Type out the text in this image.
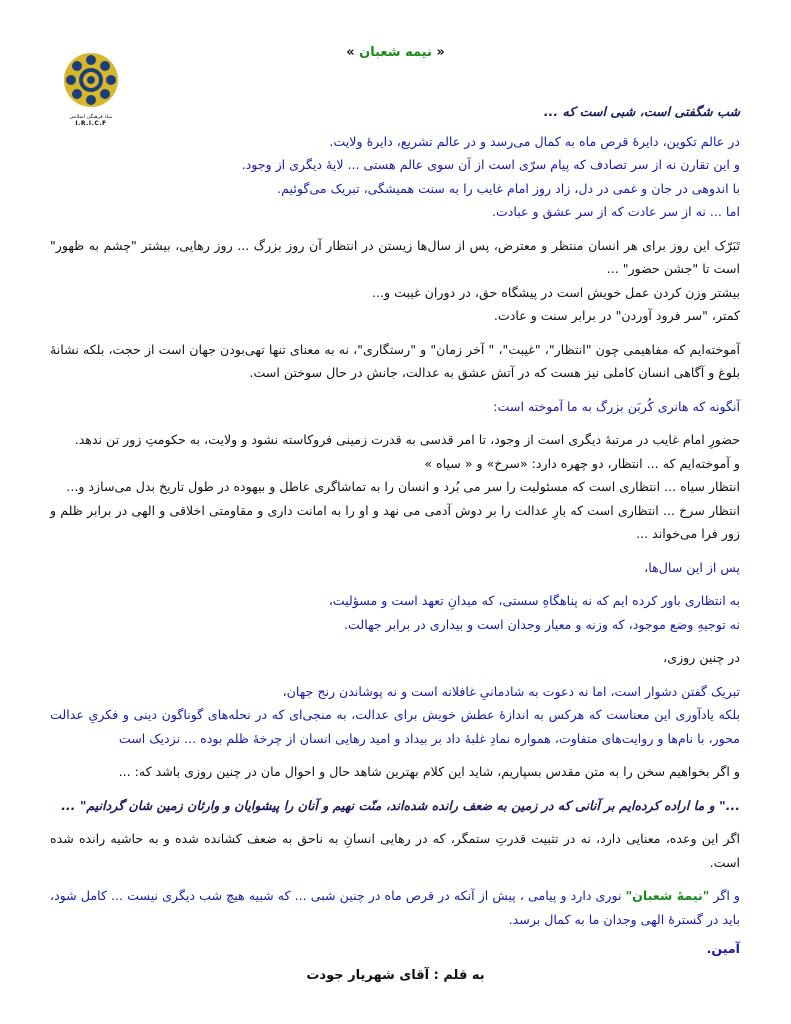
« نیمه شعبان »
بنیاد فرهنگی اسلامی
I.R.I.C.F

شب شگفتی است، شبی است که ...

در عالم تکوین، دایرهٔ قرص ماه به کمال می‌رسد و در عالم تشریع، دایرهٔ ولایت.

و این تقارن نه از سر تصادف که پیام سرّی است از آن سوی عالم هستی ... لایهٔ دیگری از وجود.

با اندوهی در جان و غمی در دل، زاد روز امام غایب را به سنت همیشگی، تبریک می‌گوئیم.

اما ... نه از سر عادت که از سر عشق و عبادت.

تَبَرّک این روز برای هر انسان منتظر و معترض، پس از سال‌ها زیستن در انتظار آن روز بزرگ ... روز رهایی، بیشتر "چشم به ظهور" است تا "جشن حضور" ...

بیشتر وزن کردن عمل خویش است در پیشگاه حق، در دوران غیبت و...

کمتر، "سر فرود آوردن" در برابر سنت و عادت.

آموخته‌ایم که مفاهیمی چون "انتظار"، "غیبت"، " آخر زمان" و "رستگاری"، نه به معنای تنها تهی‌بودن جهان است از حجت، بلکه نشانهٔ بلوغ و آگاهی انسان کاملی نیز هست که در آتش عشق به عدالت، جانش در حال سوختن است.

آنگونه که هانری کُربَن بزرگ به ما آموخته است:

حضورِ امام غایب در مرتبهٔ دیگری است از وجود، تا امر قدسی به قدرت زمینی فروکاسته نشود و ولایت، به حکومتِ زور تن ندهد.

و آموخته‌ایم که ... انتظار، دو چهره دارد: «سرخ» و « سیاه »

انتظار سیاه ... انتظاری است که مسئولیت را سر می بُرد و انسان را به تماشاگری عاطل و بیهوده در طول تاریخ بدل می‌سازد و...

انتظار سرخ ... انتظاری است که بارِ عدالت را بر دوش آدمی می نهد و او را به امانت داری و مقاومتی اخلاقی و الهی در برابر ظلم و زور فرا می‌خواند ...

پس از این سال‌ها،

به انتظاری باور کرده ایم که نه پناهگاهِ سستی، که میدانِ تعهد است و مسؤلیت،

نه توجیهِ وضع موجود، که وزنه و معیار وجدان است و بیداری در برابر جهالت.

در چنین روزی،

تبریک گفتن دشوار است، اما نه دعوت به شادمانیِ غافلانه است و نه پوشاندن رنج جهان،

بلکه یادآوری این معناست که هرکس به اندازهٔ عطش خویش برای عدالت، به منجی‌ای که در نحله‌های گوناگون دینی و فکریِ عدالت محور، با نام‌ها و روایت‌های متفاوت، همواره نمادِ غلبهٔ داد بر بیداد و امید رهایی انسان از چرخهٔ ظلم بوده ... نزدیک است

و اگر بخواهیم سخن را به متن مقدس بسپاریم، شاید این کلام بهترین شاهد حال و احوال مان در چنین روزی باشد که: ...

..." و ما اراده کرده‌ایم بر آنانی که در زمین به ضعف رانده شده‌اند، منّت نهیم و آنان را پیشوایان و وارثان زمین شان گردانیم" ...

اگر این وعده، معنایی دارد، نه در تثبیت قدرتِ ستمگر، که در رهایی انسانِ به ناحق به ضعف کشانده شده و به حاشیه رانده شده است.

و اگر "نیمهٔ شعبان" نوری دارد و پیامی ، پیش از آنکه در قرص ماه در چنین شبی ... که شبیه هیچ شب دیگری نیست ... کامل شود، باید در گسترهٔ الهی وجدان ما به کمال برسد.

آمین.

به قلم : آقای شهریار جودت
